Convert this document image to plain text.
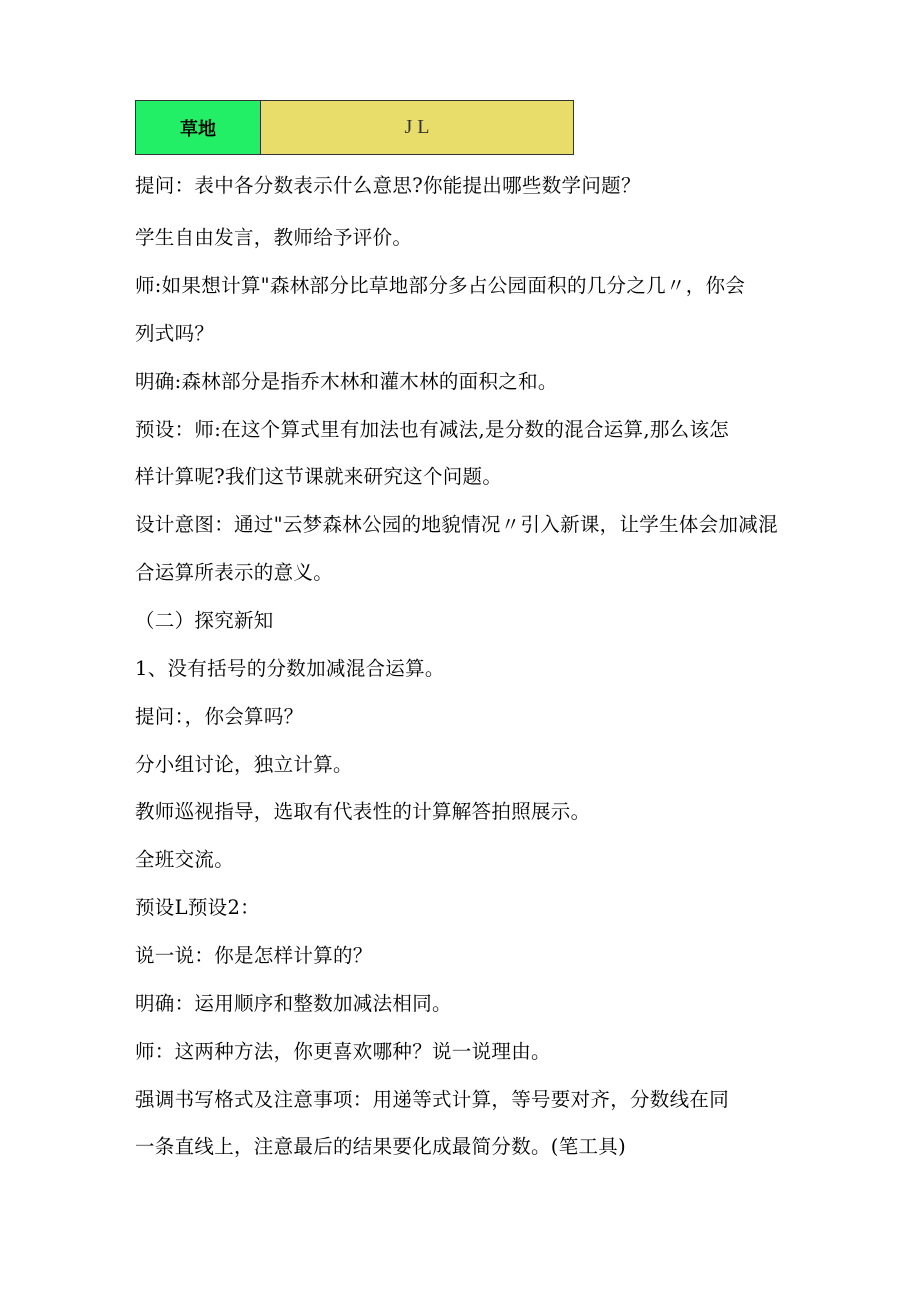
草地	J L

提问：表中各分数表示什么意思?你能提出哪些数学问题？

学生自由发言，教师给予评价。

师:如果想计算"森林部分比草地部分多占公园面积的几分之几〃，你会

列式吗？

明确:森林部分是指乔木林和灌木林的面积之和。

预设：师:在这个算式里有加法也有减法,是分数的混合运算,那么该怎

样计算呢?我们这节课就来研究这个问题。

设计意图：通过"云梦森林公园的地貌情况〃引入新课，让学生体会加减混

合运算所表示的意义。

（二）探究新知

1、没有括号的分数加减混合运算。

提问：，你会算吗？

分小组讨论，独立计算。

教师巡视指导，选取有代表性的计算解答拍照展示。

全班交流。

预设L预设2：

说一说：你是怎样计算的？

明确：运用顺序和整数加减法相同。

师：这两种方法，你更喜欢哪种？说一说理由。

强调书写格式及注意事项：用递等式计算，等号要对齐，分数线在同

一条直线上，注意最后的结果要化成最简分数。(笔工具)
